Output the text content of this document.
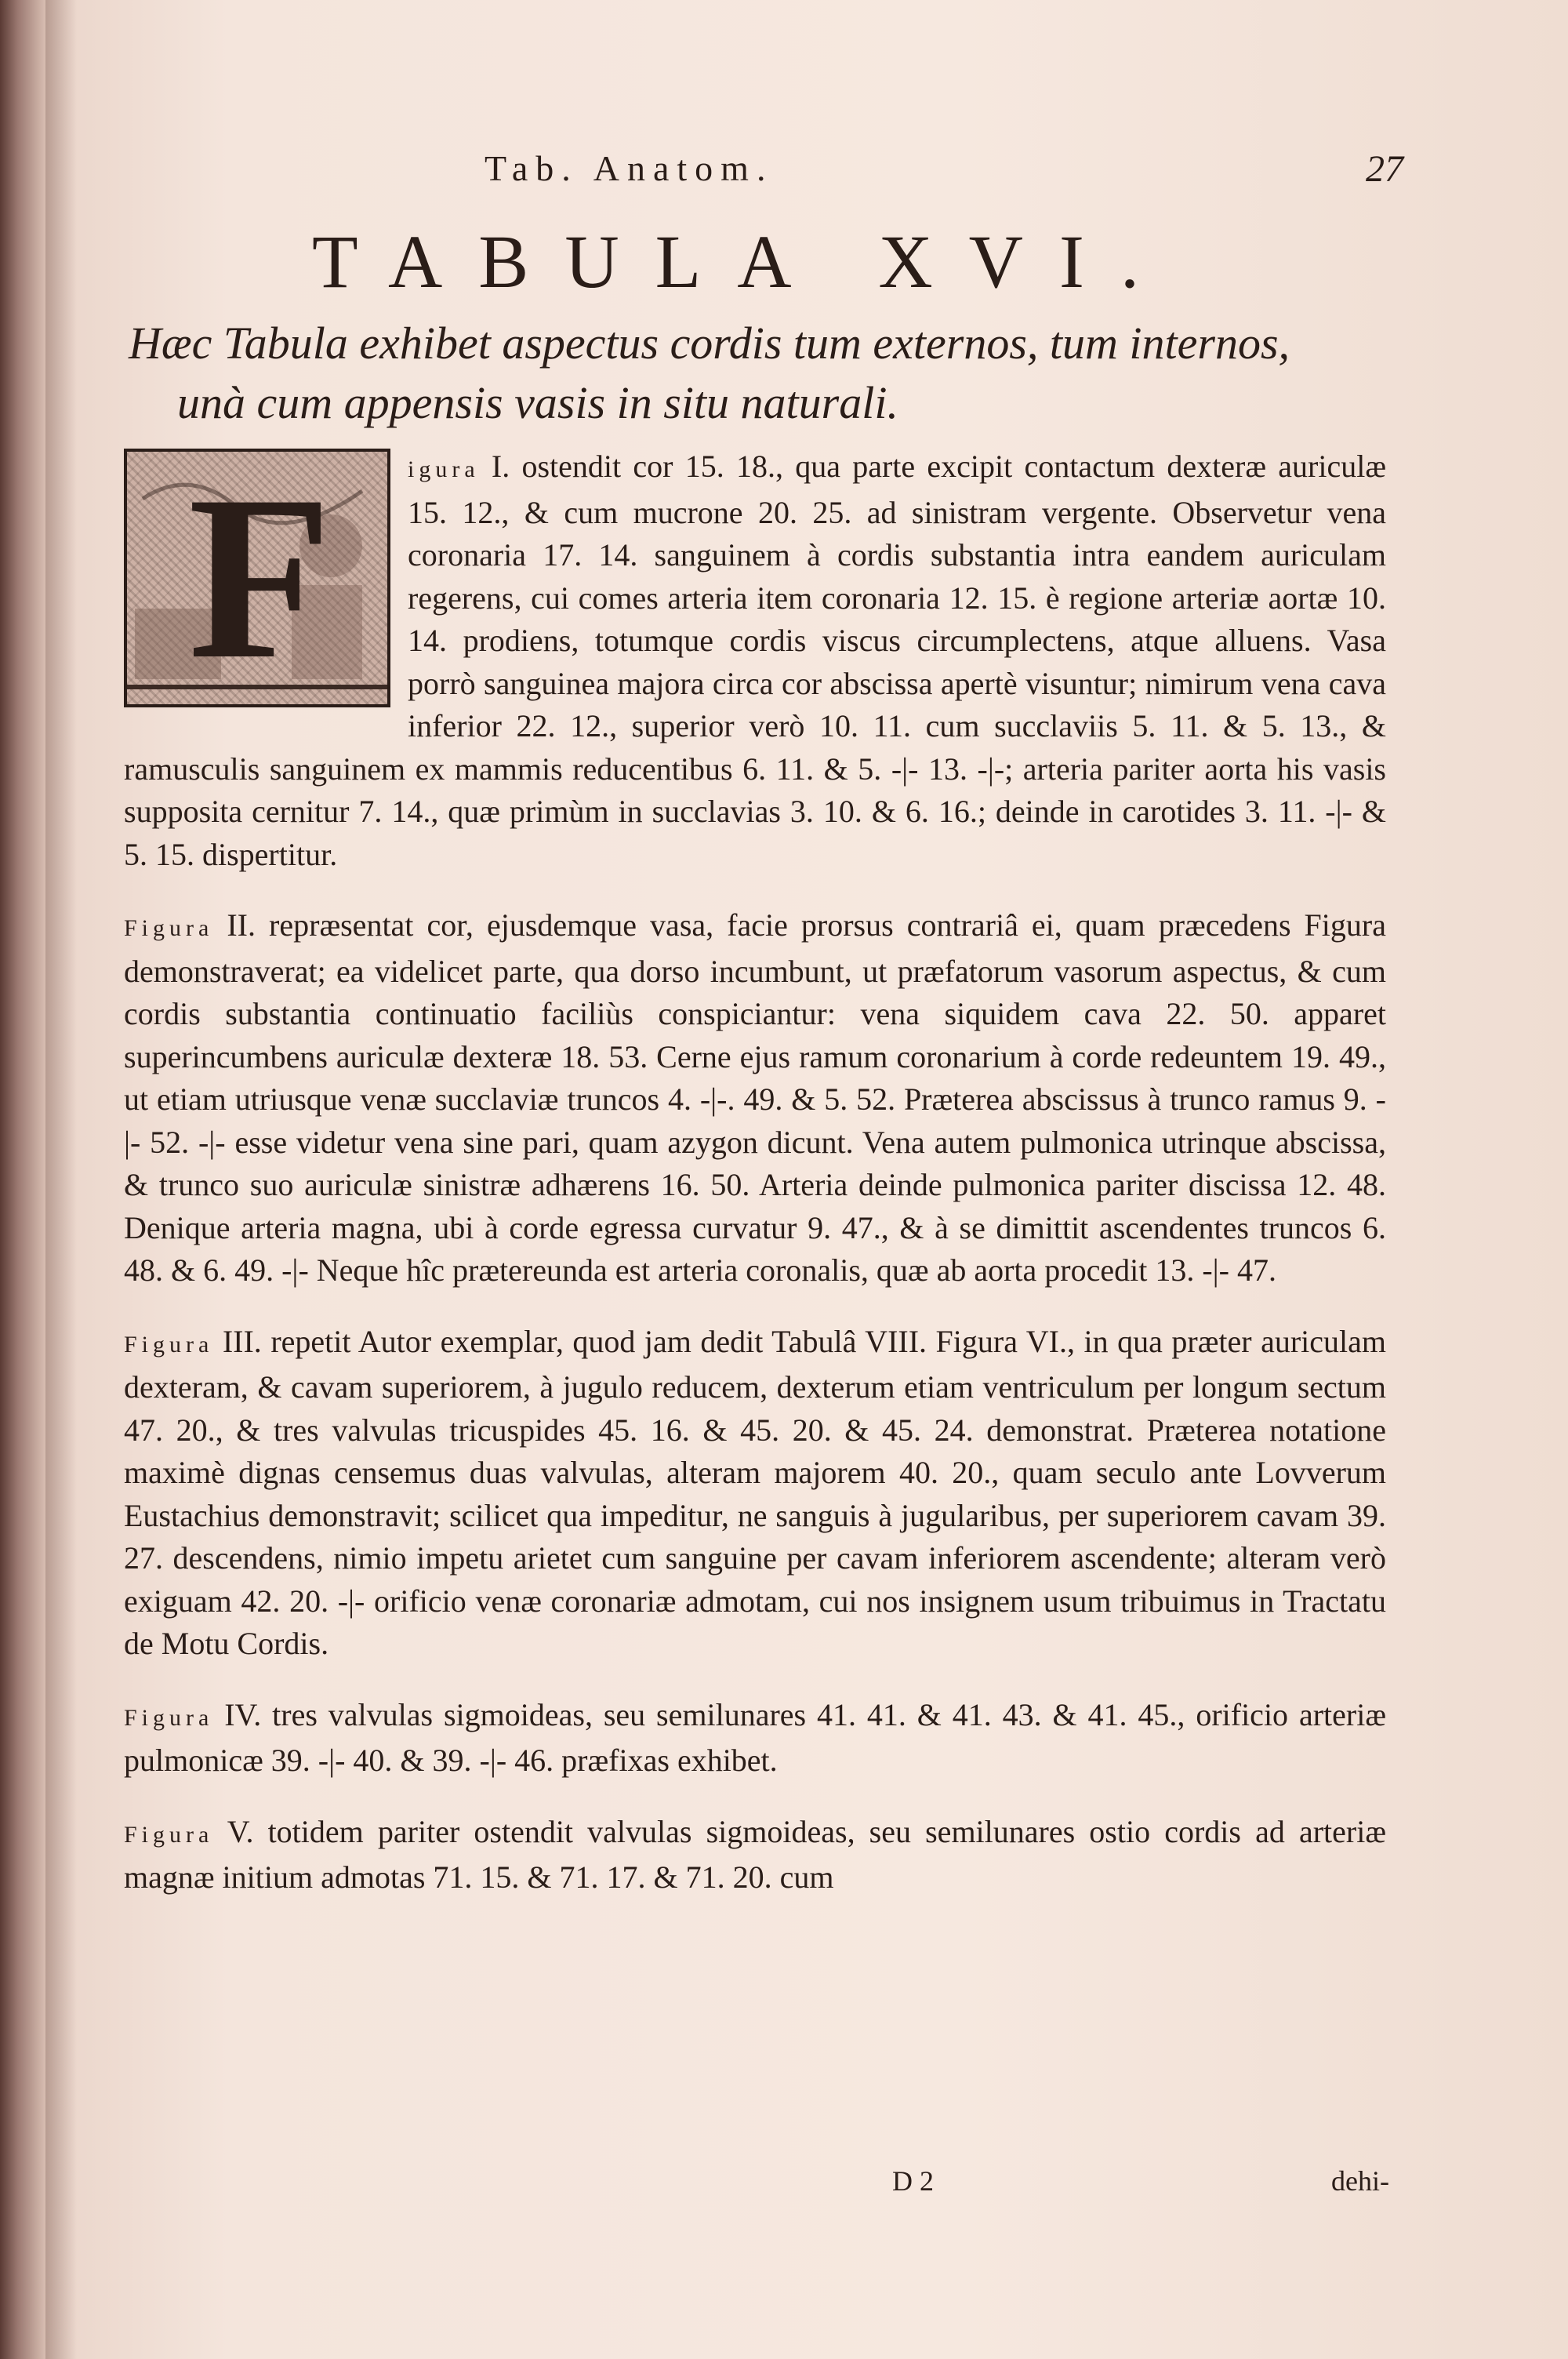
Tab. Anatom.	27
TABULA XVI.
Hæc Tabula exhibet aspectus cordis tum externos, tum internos,
unà cum appensis vasis in situ naturali.

F	igura I. ostendit cor 15. 18., qua parte excipit contactum dexteræ auriculæ 15. 12., & cum mucrone 20. 25. ad sinistram vergente. Observetur vena coronaria 17. 14. sanguinem à cordis substantia intra eandem auriculam regerens, cui comes arteria item coronaria 12. 15. è regione arteriæ aortæ 10. 14. prodiens, totumque cordis viscus circumplectens, atque alluens. Vasa porrò sanguinea majora circa cor abscissa apertè visuntur; nimirum vena cava inferior 22. 12., superior verò 10. 11. cum succlaviis 5. 11. & 5. 13., & ramusculis sanguinem ex mammis reducentibus 6. 11. & 5. -|- 13. -|-; arteria pariter aorta his vasis supposita cernitur 7. 14., quæ primùm in succlavias 3. 10. & 6. 16.; deinde in carotides 3. 11. -|- & 5. 15. dispertitur.

Figura II. repræsentat cor, ejusdemque vasa, facie prorsus contrariâ ei, quam præcedens Figura demonstraverat; ea videlicet parte, qua dorso incumbunt, ut præfatorum vasorum aspectus, & cum cordis substantia continuatio faciliùs conspiciantur: vena siquidem cava 22. 50. apparet superincumbens auriculæ dexteræ 18. 53. Cerne ejus ramum coronarium à corde redeuntem 19. 49., ut etiam utriusque venæ succlaviæ truncos 4. -|-. 49. & 5. 52. Præterea abscissus à trunco ramus 9. -|- 52. -|- esse videtur vena sine pari, quam azygon dicunt. Vena autem pulmonica utrinque abscissa, & trunco suo auriculæ sinistræ adhærens 16. 50. Arteria deinde pulmonica pariter discissa 12. 48. Denique arteria magna, ubi à corde egressa curvatur 9. 47., & à se dimittit ascendentes truncos 6. 48. & 6. 49. -|- Neque hîc prætereunda est arteria coronalis, quæ ab aorta procedit 13. -|- 47.

Figura III. repetit Autor exemplar, quod jam dedit Tabulâ VIII. Figura VI., in qua præter auriculam dexteram, & cavam superiorem, à jugulo reducem, dexterum etiam ventriculum per longum sectum 47. 20., & tres valvulas tricuspides 45. 16. & 45. 20. & 45. 24. demonstrat. Præterea notatione maximè dignas censemus duas valvulas, alteram majorem 40. 20., quam seculo ante Lovverum Eustachius demonstravit; scilicet qua impeditur, ne sanguis à jugularibus, per superiorem cavam 39. 27. descendens, nimio impetu arietet cum sanguine per cavam inferiorem ascendente; alteram verò exiguam 42. 20. -|- orificio venæ coronariæ admotam, cui nos insignem usum tribuimus in Tractatu de Motu Cordis.

Figura IV. tres valvulas sigmoideas, seu semilunares 41. 41. & 41. 43. & 41. 45., orificio arteriæ pulmonicæ 39. -|- 40. & 39. -|- 46. præfixas exhibet.

Figura V. totidem pariter ostendit valvulas sigmoideas, seu semilunares ostio cordis ad arteriæ magnæ initium admotas 71. 15. & 71. 17. & 71. 20. cum

D 2	dehi-
